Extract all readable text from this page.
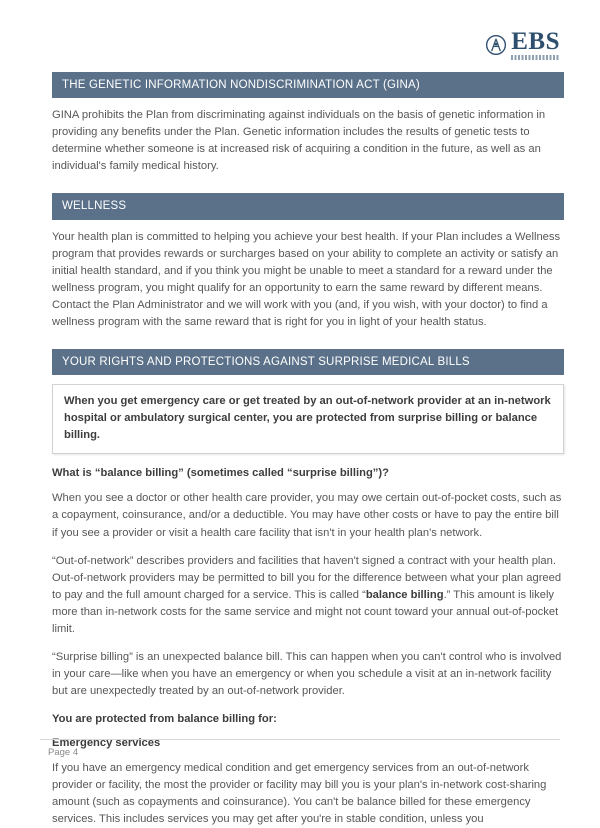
EBS
THE GENETIC INFORMATION NONDISCRIMINATION ACT (GINA)

GINA prohibits the Plan from discriminating against individuals on the basis of genetic information in providing any benefits under the Plan. Genetic information includes the results of genetic tests to determine whether someone is at increased risk of acquiring a condition in the future, as well as an individual's family medical history.

WELLNESS

Your health plan is committed to helping you achieve your best health. If your Plan includes a Wellness program that provides rewards or surcharges based on your ability to complete an activity or satisfy an initial health standard, and if you think you might be unable to meet a standard for a reward under the wellness program, you might qualify for an opportunity to earn the same reward by different means. Contact the Plan Administrator and we will work with you (and, if you wish, with your doctor) to find a wellness program with the same reward that is right for you in light of your health status.

YOUR RIGHTS AND PROTECTIONS AGAINST SURPRISE MEDICAL BILLS

When you get emergency care or get treated by an out-of-network provider at an in-network hospital or ambulatory surgical center, you are protected from surprise billing or balance billing.

What is “balance billing” (sometimes called “surprise billing”)?

When you see a doctor or other health care provider, you may owe certain out-of-pocket costs, such as a copayment, coinsurance, and/or a deductible. You may have other costs or have to pay the entire bill if you see a provider or visit a health care facility that isn't in your health plan's network.

“Out-of-network” describes providers and facilities that haven't signed a contract with your health plan. Out-of-network providers may be permitted to bill you for the difference between what your plan agreed to pay and the full amount charged for a service. This is called “balance billing.” This amount is likely more than in-network costs for the same service and might not count toward your annual out-of-pocket limit.

“Surprise billing” is an unexpected balance bill. This can happen when you can't control who is involved in your care—like when you have an emergency or when you schedule a visit at an in-network facility but are unexpectedly treated by an out-of-network provider.

You are protected from balance billing for:
Emergency services

If you have an emergency medical condition and get emergency services from an out-of-network provider or facility, the most the provider or facility may bill you is your plan's in-network cost-sharing amount (such as copayments and coinsurance). You can't be balance billed for these emergency services. This includes services you may get after you're in stable condition, unless you

Page 4
